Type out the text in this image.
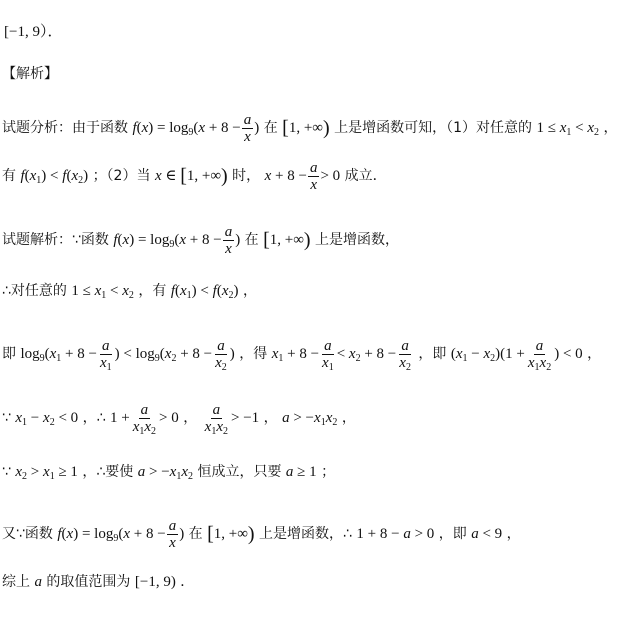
[−1, 9）．
【解析】
试题分析：由于函数 $f(x) = \log_9(x + 8 - \frac{a}{x}$ ) 在 [1, +∞) 上是增函数可知，（1）对任意的 $1 \le x_1 < x_2$ ，
有 $f(x_1) < f(x_2)$ ；（2）当 x ∈ [1, +∞) 时， $x + 8 - \frac{a}{x} > 0$ 成立．
试题解析：∵函数 $f(x) = \log_9(x + 8 - \frac{a}{x}$ ) 在 [1, +∞) 上是增函数，
∴对任意的 $1 \le x_1 < x_2$ ，有 $f(x_1) < f(x_2)$ ，
即 $\log_9(x_1 + 8 - \frac{a}{x_1}$ ) < $\log_9(x_2 + 8 - \frac{a}{x_2}$ ) ，得 $x_1 + 8 - \frac{a}{x_1} < x_2 + 8 - \frac{a}{x_2}$ ，即 $(x_1 - x_2)(1 + \frac{a}{x_1x_2}$ ) < 0 ，
∵ $x_1 - x_2 < 0$ ，∴ $1 + \frac{a}{x_1x_2} > 0$ ， $\frac{a}{x_1x_2} > -1$ ， $a > -x_1x_2$ ，
∵ $x_2 > x_1 \ge 1$ ，∴要使 $a > -x_1x_2$ 恒成立，只要 a ≥ 1 ；
又∵函数 $f(x) = \log_9(x + 8 - \frac{a}{x}$ ) 在 [1, +∞) 上是增函数，∴ 1 + 8 − a > 0 ，即 a < 9 ，
综上 a 的取值范围为 [−1, 9) ．
